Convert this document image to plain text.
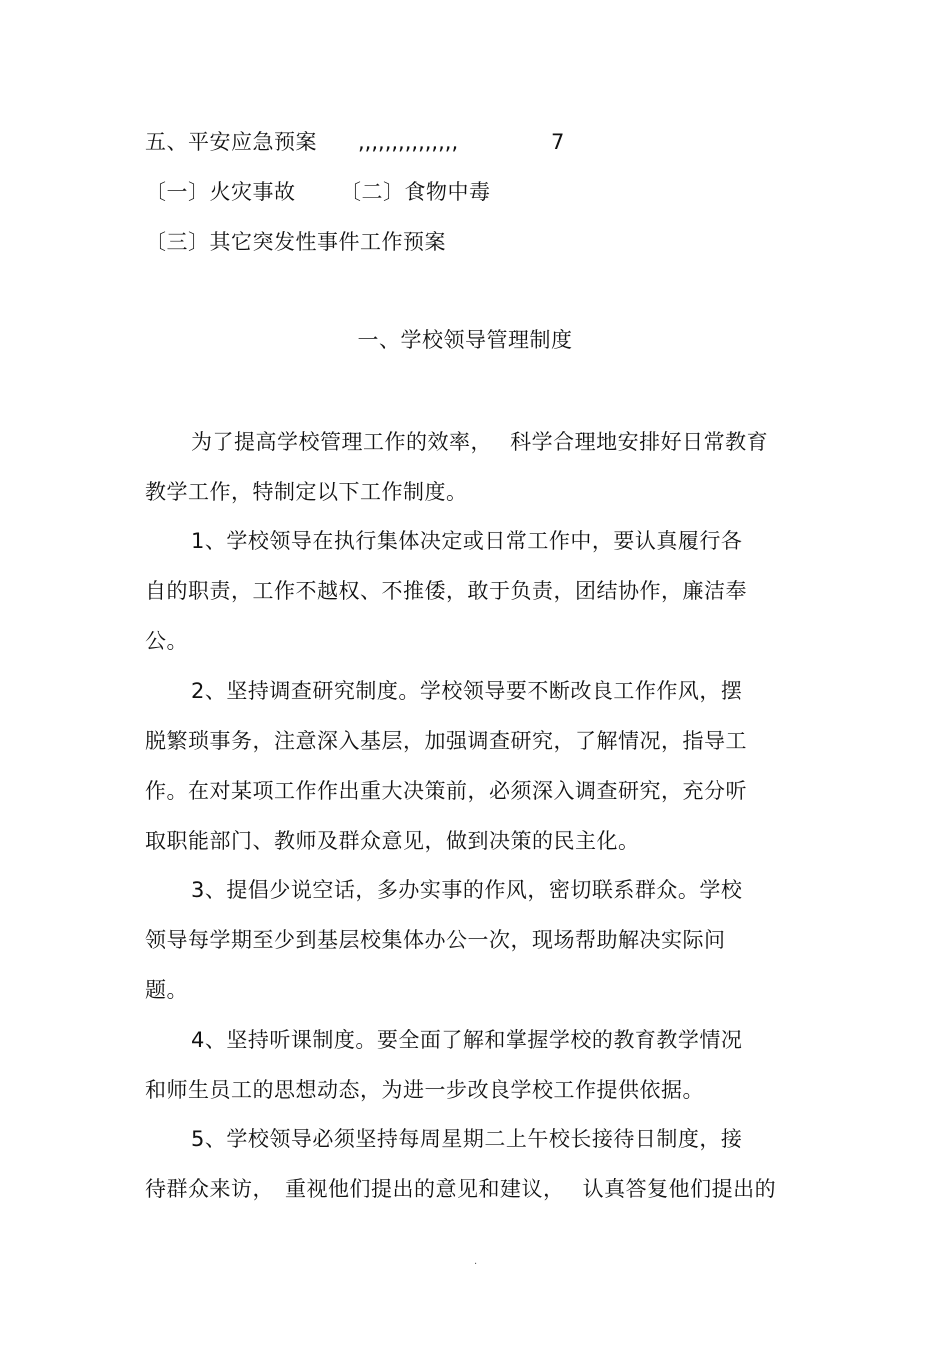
五、平安应急预案 ,,,,,,,,,,,,,,,	7
〔一〕火灾事故 〔二〕食物中毒
〔三〕其它突发性事件工作预案
一、学校领导管理制度
为了提高学校管理工作的效率，　 科学合理地安排好日常教育
教学工作，特制定以下工作制度。
1、学校领导在执行集体决定或日常工作中，要认真履行各
自的职责，工作不越权、不推倭，敢于负责，团结协作，廉洁奉
公。
2、坚持调查研究制度。学校领导要不断改良工作作风，摆
脱繁琐事务，注意深入基层，加强调查研究，了解情况，指导工
作。在对某项工作作出重大决策前，必须深入调查研究，充分听
取职能部门、教师及群众意见，做到决策的民主化。
3、提倡少说空话，多办实事的作风，密切联系群众。学校
领导每学期至少到基层校集体办公一次，现场帮助解决实际问
题。
4、坚持听课制度。要全面了解和掌握学校的教育教学情况
和师生员工的思想动态，为进一步改良学校工作提供依据。
5、学校领导必须坚持每周星期二上午校长接待日制度，接
待群众来访，　重视他们提出的意见和建议，　 认真答复他们提出的
.
